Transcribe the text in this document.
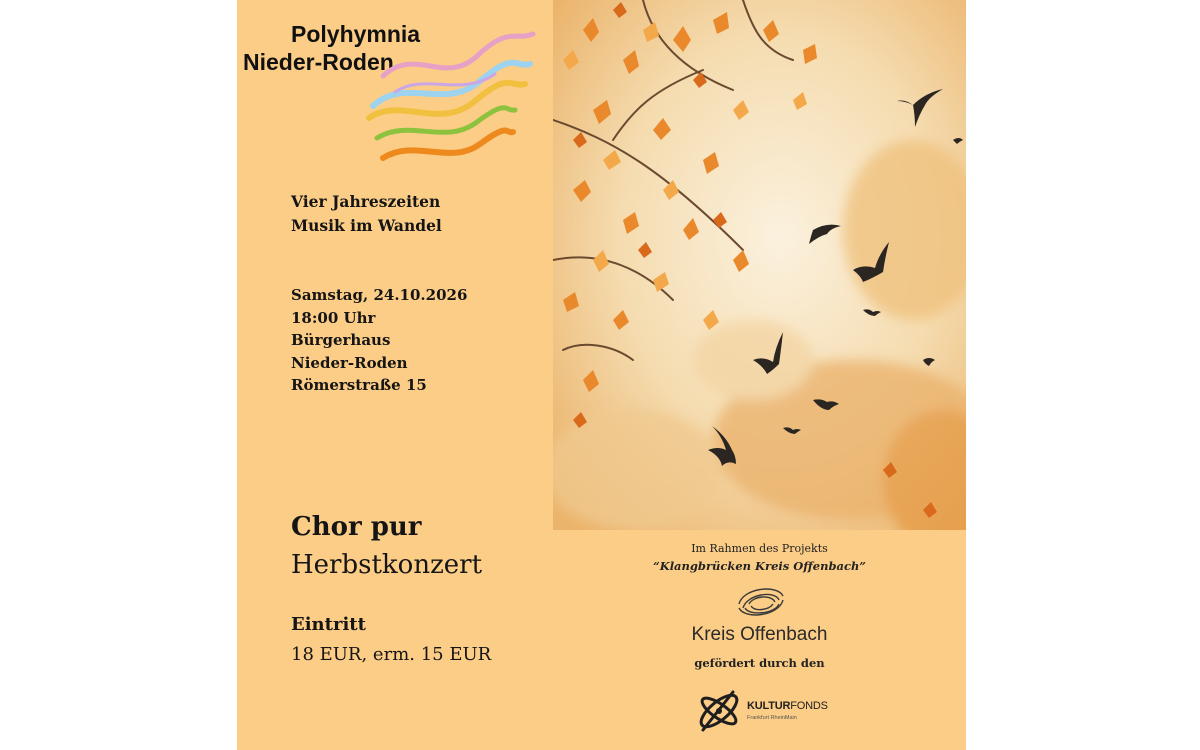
Polyhymnia
Nieder-Roden
Vier Jahreszeiten
Musik im Wandel
Samstag, 24.10.2026
18:00 Uhr
Bürgerhaus
Nieder-Roden
Römerstraße 15
Chor pur
Herbstkonzert
Eintritt
18 EUR, erm. 15 EUR
Im Rahmen des Projekts
“Klangbrücken Kreis Offenbach”
Kreis Offenbach
gefördert durch den
KULTURFONDS
Frankfurt RheinMain
